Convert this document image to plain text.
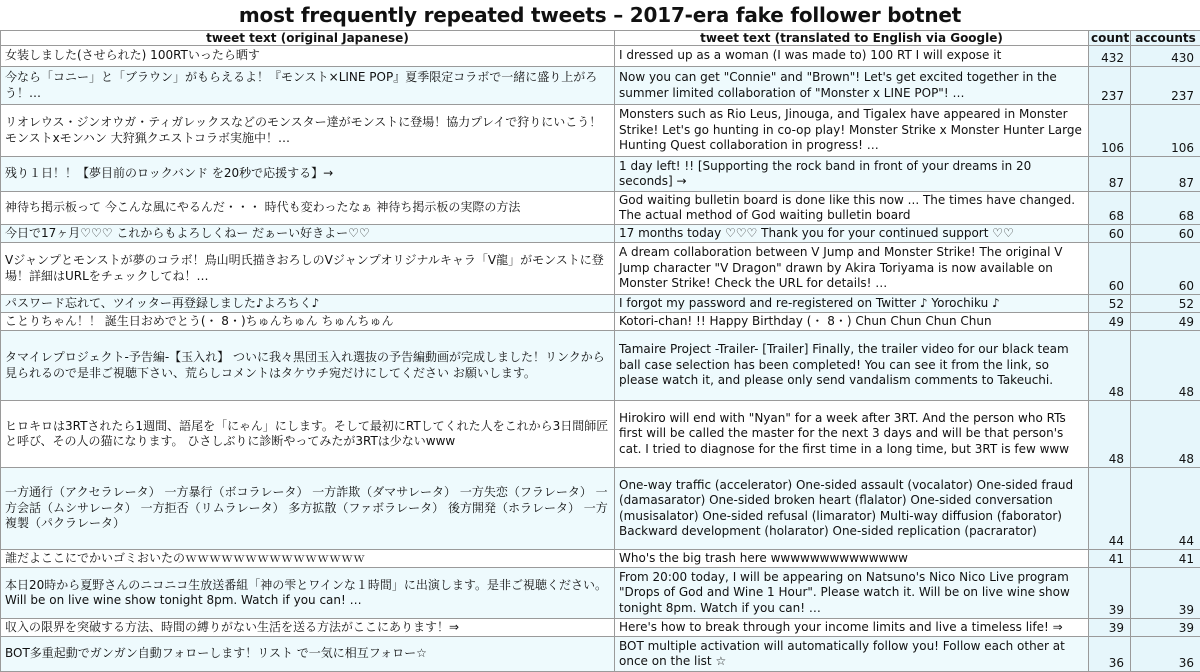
most frequently repeated tweets – 2017-era fake follower botnet
tweet text (original Japanese)	tweet text (translated to English via Google)	count	accounts
女装しました(させられた) 100RTいったら晒す	I dressed up as a woman (I was made to) 100 RT I will expose it	432	430
今なら「コニー」と「ブラウン」がもらえるよ！『モンスト×LINE POP』夏季限定コラボで一緒に盛り上がろう！…	Now you can get "Connie" and "Brown"! Let's get excited together in the summer limited collaboration of "Monster x LINE POP"! …	237	237
リオレウス・ジンオウガ・ティガレックスなどのモンスター達がモンストに登場！協力プレイで狩りにいこう！モンストxモンハン 大狩猟クエストコラボ実施中！…	Monsters such as Rio Leus, Jinouga, and Tigalex have appeared in Monster Strike! Let's go hunting in co-op play! Monster Strike x Monster Hunter Large Hunting Quest collaboration in progress! …	106	106
残り１日！！【夢目前のロックバンド を20秒で応援する】→	1 day left! !! [Supporting the rock band in front of your dreams in 20 seconds] →	87	87
神待ち掲示板って 今こんな風にやるんだ・・・ 時代も変わったなぁ 神待ち掲示板の実際の方法	God waiting bulletin board is done like this now ... The times have changed. The actual method of God waiting bulletin board	68	68
今日で17ヶ月♡♡♡ これからもよろしくねー だぁーい好きよー♡♡	17 months today ♡♡♡ Thank you for your continued support ♡♡	60	60
Vジャンプとモンストが夢のコラボ！鳥山明氏描きおろしのVジャンプオリジナルキャラ「V龍」がモンストに登場！詳細はURLをチェックしてね！…	A dream collaboration between V Jump and Monster Strike! The original V Jump character "V Dragon" drawn by Akira Toriyama is now available on Monster Strike! Check the URL for details! …	60	60
パスワード忘れて、ツイッター再登録しました♪よろちく♪	I forgot my password and re-registered on Twitter ♪ Yorochiku ♪	52	52
ことりちゃん！！ 誕生日おめでとう(・ 8・)ちゅんちゅん ちゅんちゅん	Kotori-chan! !! Happy Birthday (・ 8・) Chun Chun Chun Chun	49	49
タマイレプロジェクト-予告編-【玉入れ】 ついに我々黒団玉入れ選抜の予告編動画が完成しました！リンクから見られるので是非ご視聴下さい、荒らしコメントはタケウチ宛だけにしてください お願いします。	Tamaire Project -Trailer- [Trailer] Finally, the trailer video for our black team ball case selection has been completed! You can see it from the link, so please watch it, and please only send vandalism comments to Takeuchi.	48	48
ヒロキロは3RTされたら1週間、語尾を「にゃん」にします。そして最初にRTしてくれた人をこれから3日間師匠と呼び、その人の猫になります。 ひさしぶりに診断やってみたが3RTは少ないwww	Hirokiro will end with "Nyan" for a week after 3RT. And the person who RTs first will be called the master for the next 3 days and will be that person's cat. I tried to diagnose for the first time in a long time, but 3RT is few www	48	48
一方通行（アクセラレータ） 一方暴行（ボコラレータ） 一方詐欺（ダマサレータ） 一方失恋（フラレータ） 一方会話（ムシサレータ） 一方拒否（リムラレータ） 多方拡散（ファボラレータ） 後方開発（ホラレータ） 一方複製（パクラレータ）	One-way traffic (accelerator) One-sided assault (vocalator) One-sided fraud (damasarator) One-sided broken heart (flalator) One-sided conversation (musisalator) One-sided refusal (limarator) Multi-way diffusion (faborator) Backward development (holarator) One-sided replication (pacrarator)	44	44
誰だよここにでかいゴミおいたのｗｗｗｗｗｗｗｗｗｗｗｗｗｗｗ	Who's the big trash here wwwwwwwwwwwwww	41	41
本日20時から夏野さんのニコニコ生放送番組「神の雫とワインな１時間」に出演します。是非ご視聴ください。Will be on live wine show tonight 8pm. Watch if you can! …	From 20:00 today, I will be appearing on Natsuno's Nico Nico Live program "Drops of God and Wine 1 Hour". Please watch it. Will be on live wine show tonight 8pm. Watch if you can! …	39	39
収入の限界を突破する方法、時間の縛りがない生活を送る方法がここにあります！⇒	Here's how to break through your income limits and live a timeless life! ⇒	39	39
BOT多重起動でガンガン自動フォローします！リスト で一気に相互フォロー☆	BOT multiple activation will automatically follow you! Follow each other at once on the list ☆	36	36
